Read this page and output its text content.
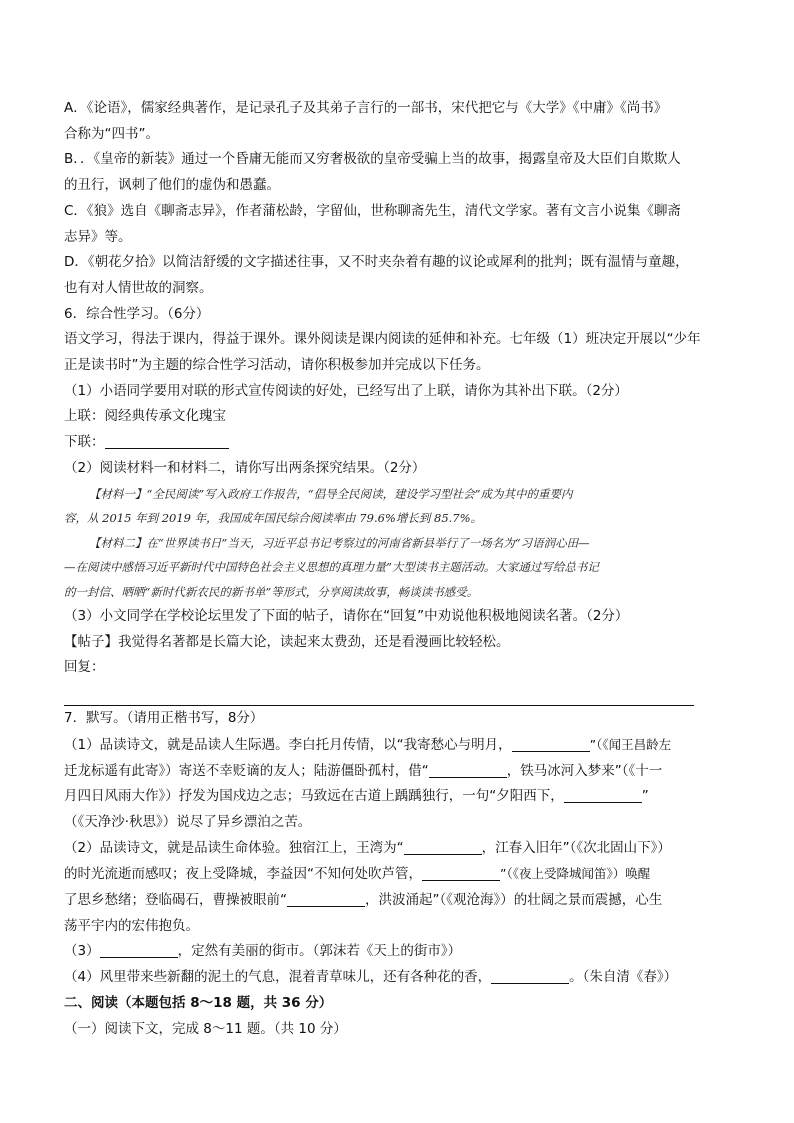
A．《论语》，儒家经典著作，是记录孔子及其弟子言行的一部书，宋代把它与《大学》《中庸》《尚书》

合称为“四书”。

B．．《皇帝的新装》通过一个昏庸无能而又穷奢极欲的皇帝受骗上当的故事，揭露皇帝及大臣们自欺欺人

的丑行，讽刺了他们的虚伪和愚蠢。

C．《狼》选自《聊斋志异》，作者蒲松龄，字留仙，世称聊斋先生，清代文学家。著有文言小说集《聊斋

志异》等。

D．《朝花夕拾》以简洁舒缓的文字描述往事，又不时夹杂着有趣的议论或犀利的批判；既有温情与童趣，

也有对人情世故的洞察。

6．综合性学习。（6分）

语文学习，得法于课内，得益于课外。课外阅读是课内阅读的延伸和补充。七年级（1）班决定开展以“少年

正是读书时”为主题的综合性学习活动，请你积极参加并完成以下任务。

（1）小语同学要用对联的形式宣传阅读的好处，已经写出了上联，请你为其补出下联。（2分）

上联：阅经典传承文化瑰宝

下联：

（2）阅读材料一和材料二，请你写出两条探究结果。（2分）

【材料一】“全民阅读”写入政府工作报告，“倡导全民阅读，建设学习型社会”成为其中的重要内

容，从 2015 年到 2019 年，我国成年国民综合阅读率由 79.6%增长到 85.7%。

【材料二】在“世界读书日”当天，习近平总书记考察过的河南省新县举行了一场名为“习语润心田—

—在阅读中感悟习近平新时代中国特色社会主义思想的真理力量”大型读书主题活动。大家通过写给总书记

的一封信、晒晒“新时代新农民的新书单”等形式，分享阅读故事，畅谈读书感受。

（3）小文同学在学校论坛里发了下面的帖子，请你在“回复”中劝说他积极地阅读名著。（2分）

【帖子】我觉得名著都是长篇大论，读起来太费劲，还是看漫画比较轻松。

回复：

7．默写。（请用正楷书写，8分）

（1）品读诗文，就是品读人生际遇。李白托月传情，以“我寄愁心与明月，	”（《闻王昌龄左

迁龙标遥有此寄》）寄送不幸贬谪的友人；陆游僵卧孤村，借“	，铁马冰河入梦来”（《十一

月四日风雨大作》）抒发为国戍边之志；马致远在古道上踽踽独行，一句“夕阳西下，	”

（《天净沙·秋思》）说尽了异乡漂泊之苦。

（2）品读诗文，就是品读生命体验。独宿江上，王湾为“	，江春入旧年”（《次北固山下》）

的时光流逝而感叹；夜上受降城，李益因“不知何处吹芦管，	”（《夜上受降城闻笛》）唤醒

了思乡愁绪；登临碣石，曹操被眼前“	，洪波涌起”（《观沧海》）的壮阔之景而震撼，心生

荡平宇内的宏伟抱负。

（3）	，定然有美丽的街市。（郭沫若《天上的街市》）

（4）风里带来些新翻的泥土的气息，混着青草味儿，还有各种花的香，	。（朱自清《春》）

二、阅读（本题包括 8～18 题，共 36 分）

（一）阅读下文，完成 8～11 题。（共 10 分）
